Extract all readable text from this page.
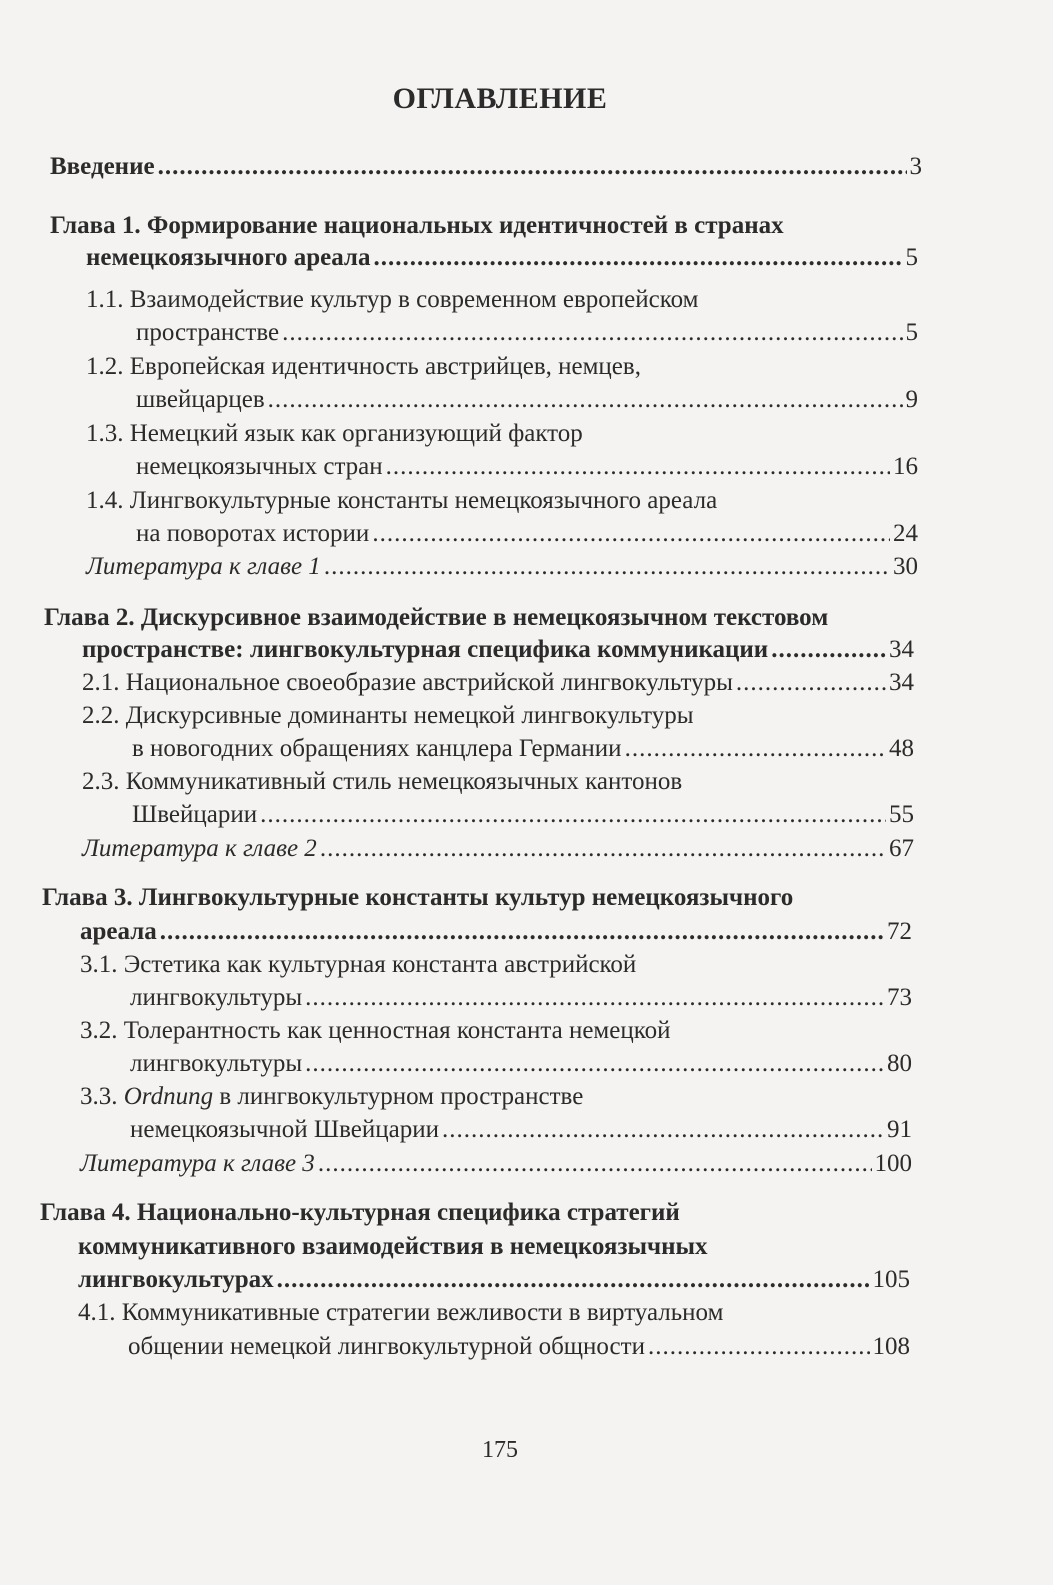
ОГЛАВЛЕНИЕ
Введение .....	3
Глава 1. Формирование национальных идентичностей в странах
немецкоязычного ареала .....	5
1.1. Взаимодействие культур в современном европейском
пространстве .....	5
1.2. Европейская идентичность австрийцев, немцев,
швейцарцев .....	9
1.3. Немецкий язык как организующий фактор
немецкоязычных стран .....	16
1.4. Лингвокультурные константы немецкоязычного ареала
на поворотах истории .....	24
Литература к главе 1 .....	30
Глава 2. Дискурсивное взаимодействие в немецкоязычном текстовом
пространстве: лингвокультурная специфика коммуникации .....	34
2.1. Национальное своеобразие австрийской лингвокультуры .....	34
2.2. Дискурсивные доминанты немецкой лингвокультуры
в новогодних обращениях канцлера Германии .....	48
2.3. Коммуникативный стиль немецкоязычных кантонов
Швейцарии .....	55
Литература к главе 2 .....	67
Глава 3. Лингвокультурные константы культур немецкоязычного
ареала .....	72
3.1. Эстетика как культурная константа австрийской
лингвокультуры .....	73
3.2. Толерантность как ценностная константа немецкой
лингвокультуры .....	80
3.3. Ordnung в лингвокультурном пространстве
немецкоязычной Швейцарии .....	91
Литература к главе 3 .....	100
Глава 4. Национально-культурная специфика стратегий
коммуникативного взаимодействия в немецкоязычных
лингвокультурах .....	105
4.1. Коммуникативные стратегии вежливости в виртуальном
общении немецкой лингвокультурной общности .....	108
175
